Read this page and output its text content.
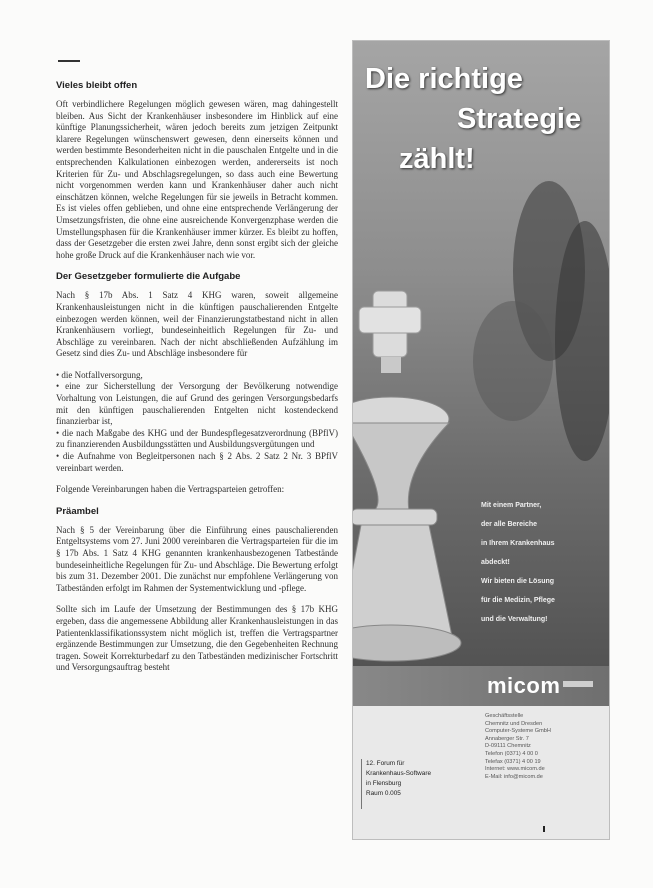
Vieles bleibt offen

Oft verbindlichere Regelungen möglich gewesen wären, mag dahingestellt bleiben. Aus Sicht der Krankenhäuser insbesondere im Hinblick auf eine künftige Planungssicherheit, wären jedoch bereits zum jetzigen Zeitpunkt klarere Regelungen wünschenswert gewesen, denn einerseits können und werden bestimmte Besonderheiten nicht in die pauschalen Entgelte und in die entsprechenden Kalkulationen einbezogen werden, andererseits ist noch Kriterien für Zu- und Abschlagsregelungen, so dass auch eine Bewertung nicht vorgenommen werden kann und Krankenhäuser daher auch nicht einschätzen können, welche Regelungen für sie jeweils in Betracht kommen. Es ist vieles offen geblieben, und ohne eine entsprechende Verlängerung der Umsetzungsfristen, die ohne eine ausreichende Konvergenzphase werden die Umstellungsphasen für die Krankenhäuser immer kürzer. Es bleibt zu hoffen, dass der Gesetzgeber die ersten zwei Jahre, denn sonst ergibt sich der gleiche hohe große Druck auf die Krankenhäuser nach wie vor.

Der Gesetzgeber formulierte die Aufgabe

Nach § 17b Abs. 1 Satz 4 KHG waren, soweit allgemeine Krankenhausleistungen nicht in die künftigen pauschalierenden Entgelte einbezogen werden können, weil der Finanzierungstatbestand nicht in allen Krankenhäusern vorliegt, bundeseinheitlich Regelungen für Zu- und Abschläge zu vereinbaren. Nach der nicht abschließenden Aufzählung im Gesetz sind dies Zu- und Abschläge insbesondere für

• die Notfallversorgung,
• eine zur Sicherstellung der Versorgung der Bevölkerung notwendige Vorhaltung von Leistungen, die auf Grund des geringen Versorgungsbedarfs mit den künftigen pauschalierenden Entgelten nicht kostendeckend finanzierbar ist,
• die nach Maßgabe des KHG und der Bundespflegesatzverordnung (BPflV) zu finanzierenden Ausbildungsstätten und Ausbildungsvergütungen und
• die Aufnahme von Begleitpersonen nach § 2 Abs. 2 Satz 2 Nr. 3 BPflV vereinbart werden.

Folgende Vereinbarungen haben die Vertragsparteien getroffen:

Präambel

Nach § 5 der Vereinbarung über die Einführung eines pauschalierenden Entgeltsystems vom 27. Juni 2000 vereinbaren die Vertragsparteien für die im § 17b Abs. 1 Satz 4 KHG genannten krankenhausbezogenen Tatbestände bundeseinheitliche Regelungen für Zu- und Abschläge. Die Bewertung erfolgt bis zum 31. Dezember 2001. Die zunächst nur empfohlene Verlängerung von Tatbeständen erfolgt im Rahmen der Systementwicklung und -pflege.

Sollte sich im Laufe der Umsetzung der Bestimmungen des § 17b KHG ergeben, dass die angemessene Abbildung aller Krankenhausleistungen in das Patientenklassifikationssystem nicht möglich ist, treffen die Vertragspartner ergänzende Bestimmungen zur Umsetzung, die den Gegebenheiten Rechnung tragen. Soweit Korrekturbedarf zu den Tatbeständen medizinischer Fortschritt und Versorgungsauftrag besteht

Die richtige
Strategie
zählt!
Mit einem Partner,
der alle Bereiche
in Ihrem Krankenhaus
abdeckt!
Wir bieten die Lösung
für die Medizin, Pflege
und die Verwaltung!
micom
Geschäftsstelle
Chemnitz und Dresden
Computer-Systeme GmbH
Annaberger Str. 7
D-09111 Chemnitz
Telefon (0371) 4 00 0
Telefax (0371) 4 00 19
Internet: www.micom.de
E-Mail: info@micom.de
12. Forum für
Krankenhaus-Software
in Flensburg
Raum 0.005
